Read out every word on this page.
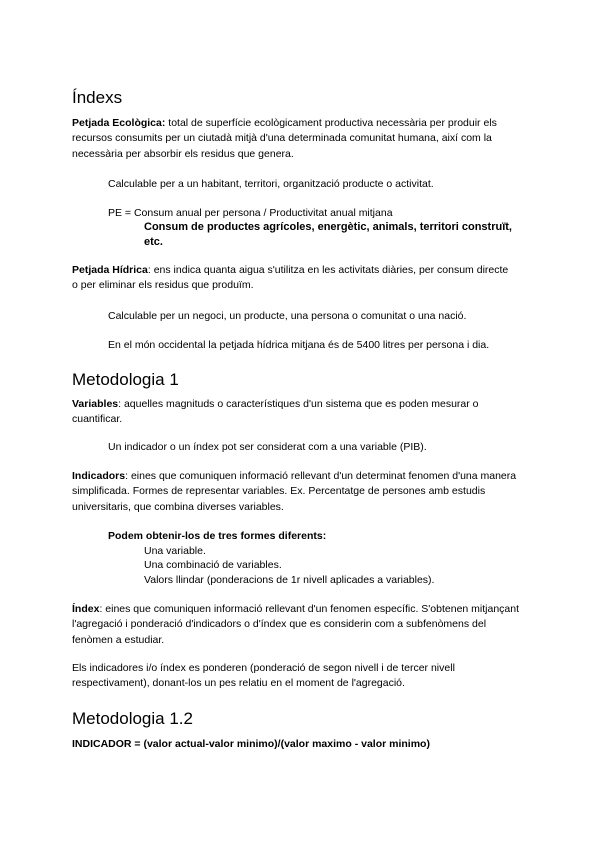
Índexs

Petjada Ecològica: total de superfície ecològicament productiva necessària per produir els recursos consumits per un ciutadà mitjà d'una determinada comunitat humana, així com la necessària per absorbir els residus que genera.

Calculable per a un habitant, territori, organització producte o activitat.

PE = Consum anual per persona / Productivitat anual mitjana

Consum de productes agrícoles, energètic, animals, territori construït, etc.

Petjada Hídrica: ens indica quanta aigua s'utilitza en les activitats diàries, per consum directe o per eliminar els residus que produïm.

Calculable per un negoci, un producte, una persona o comunitat o una nació.

En el món occidental la petjada hídrica mitjana és de 5400 litres per persona i dia.

Metodologia 1

Variables: aquelles magnituds o característiques d'un sistema que es poden mesurar o cuantificar.

Un indicador o un índex pot ser considerat com a una variable (PIB).

Indicadors: eines que comuniquen informació rellevant d'un determinat fenomen d'una manera simplificada. Formes de representar variables. Ex. Percentatge de persones amb estudis universitaris, que combina diverses variables.

Podem obtenir-los de tres formes diferents:

Una variable.

Una combinació de variables.

Valors llindar (ponderacions de 1r nivell aplicades a variables).

Índex: eines que comuniquen informació rellevant d'un fenomen específic. S'obtenen mitjançant l'agregació i ponderació d'indicadors o d'índex que es considerin com a subfenòmens del fenòmen a estudiar.

Els indicadores i/o índex es ponderen (ponderació de segon nivell i de tercer nivell respectivament), donant-los un pes relatiu en el moment de l'agregació.

Metodologia 1.2

INDICADOR = (valor actual-valor minimo)/(valor maximo - valor minimo)
